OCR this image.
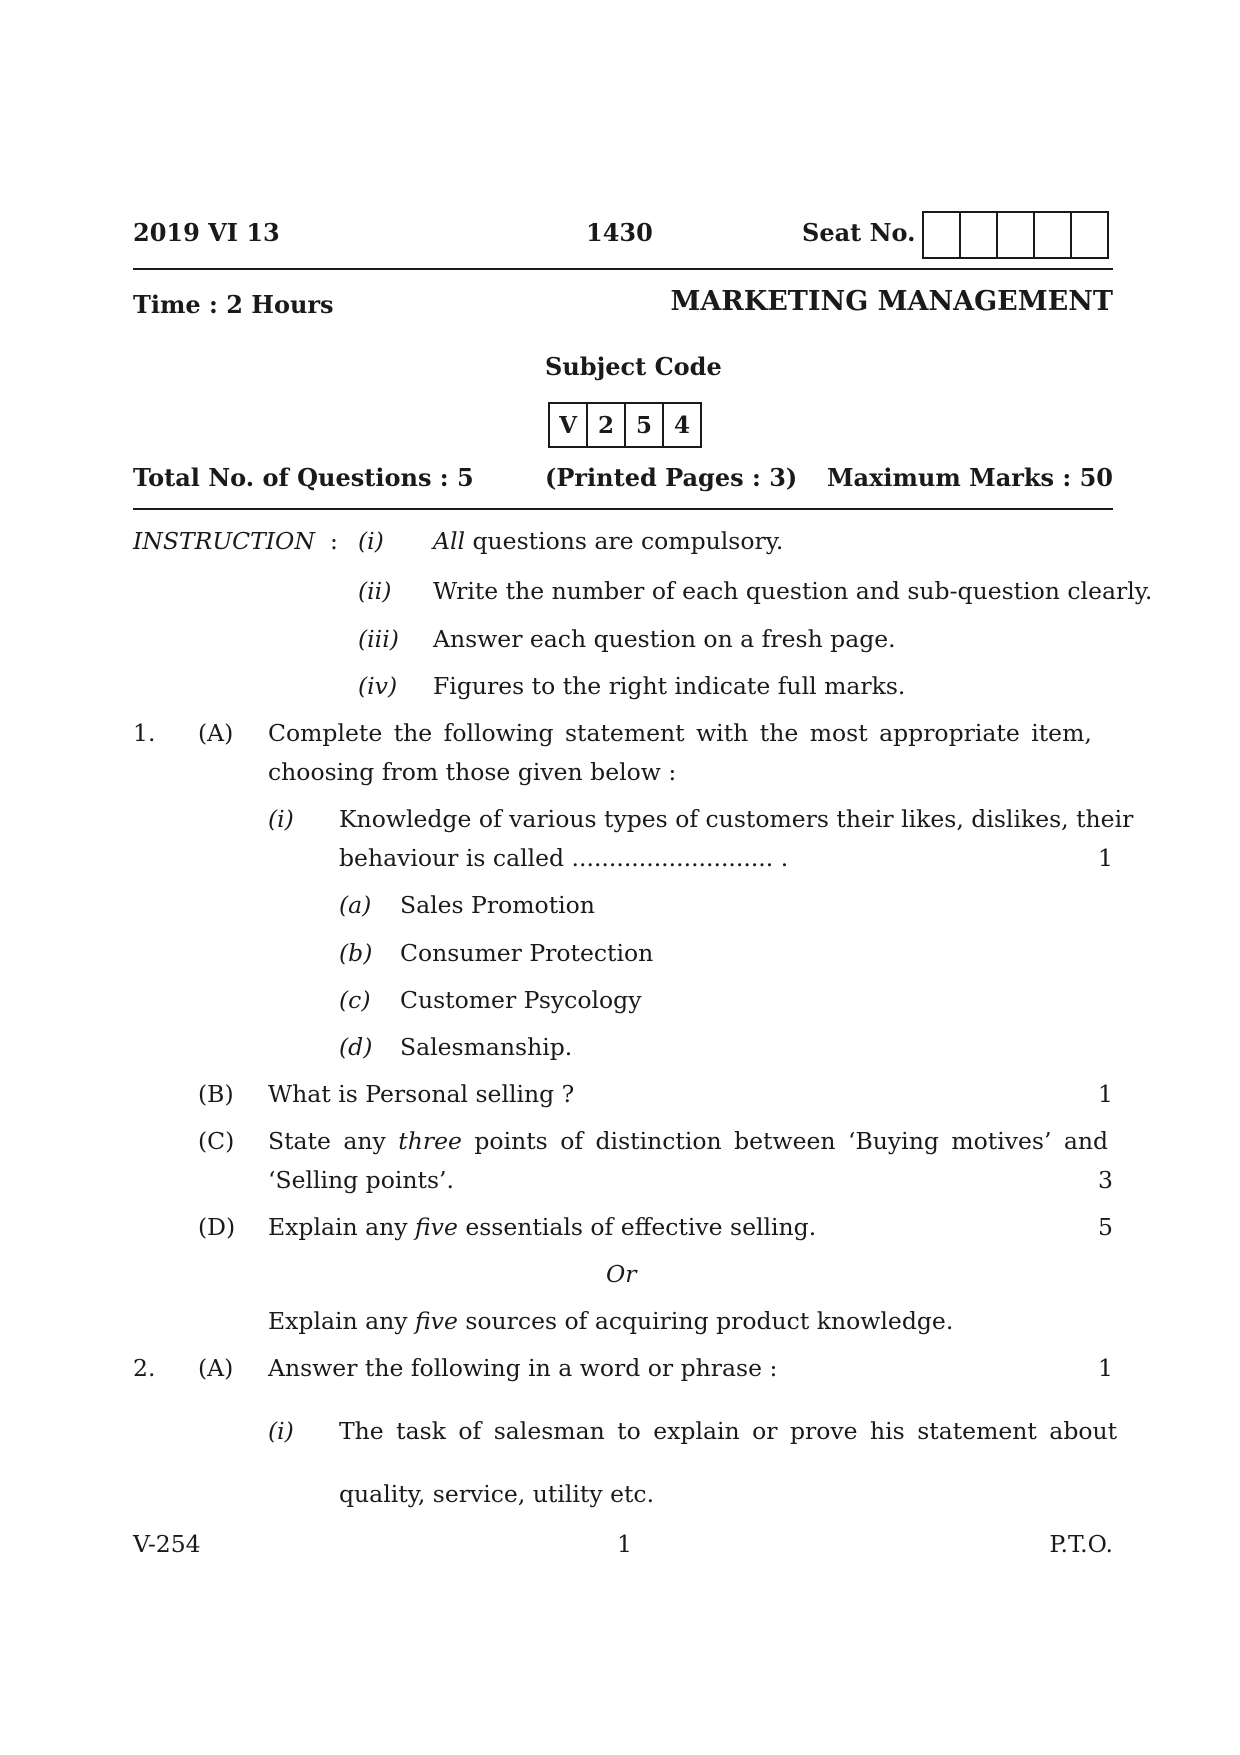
2019 VI 13	1430	Seat No.
Time : 2 Hours	MARKETING MANAGEMENT
Subject Code
V 2 5 4
Total No. of Questions : 5	(Printed Pages : 3) Maximum Marks : 50
INSTRUCTION : (i) All questions are compulsory.
(ii) Write the number of each question and sub-question clearly.
(iii) Answer each question on a fresh page.
(iv) Figures to the right indicate full marks.
1. (A) Complete the following statement with the most appropriate item,
choosing from those given below :
(i) Knowledge of various types of customers their likes, dislikes, their
behaviour is called ........................... .	1
(a) Sales Promotion
(b) Consumer Protection
(c) Customer Psycology
(d) Salesmanship.
(B) What is Personal selling ?	1
(C) State any three points of distinction between ‘Buying motives’ and
‘Selling points’.	3
(D) Explain any five essentials of effective selling.	5
Or
Explain any five sources of acquiring product knowledge.
2. (A) Answer the following in a word or phrase :	1
(i) The task of salesman to explain or prove his statement about
quality, service, utility etc.
V-254	1	P.T.O.
